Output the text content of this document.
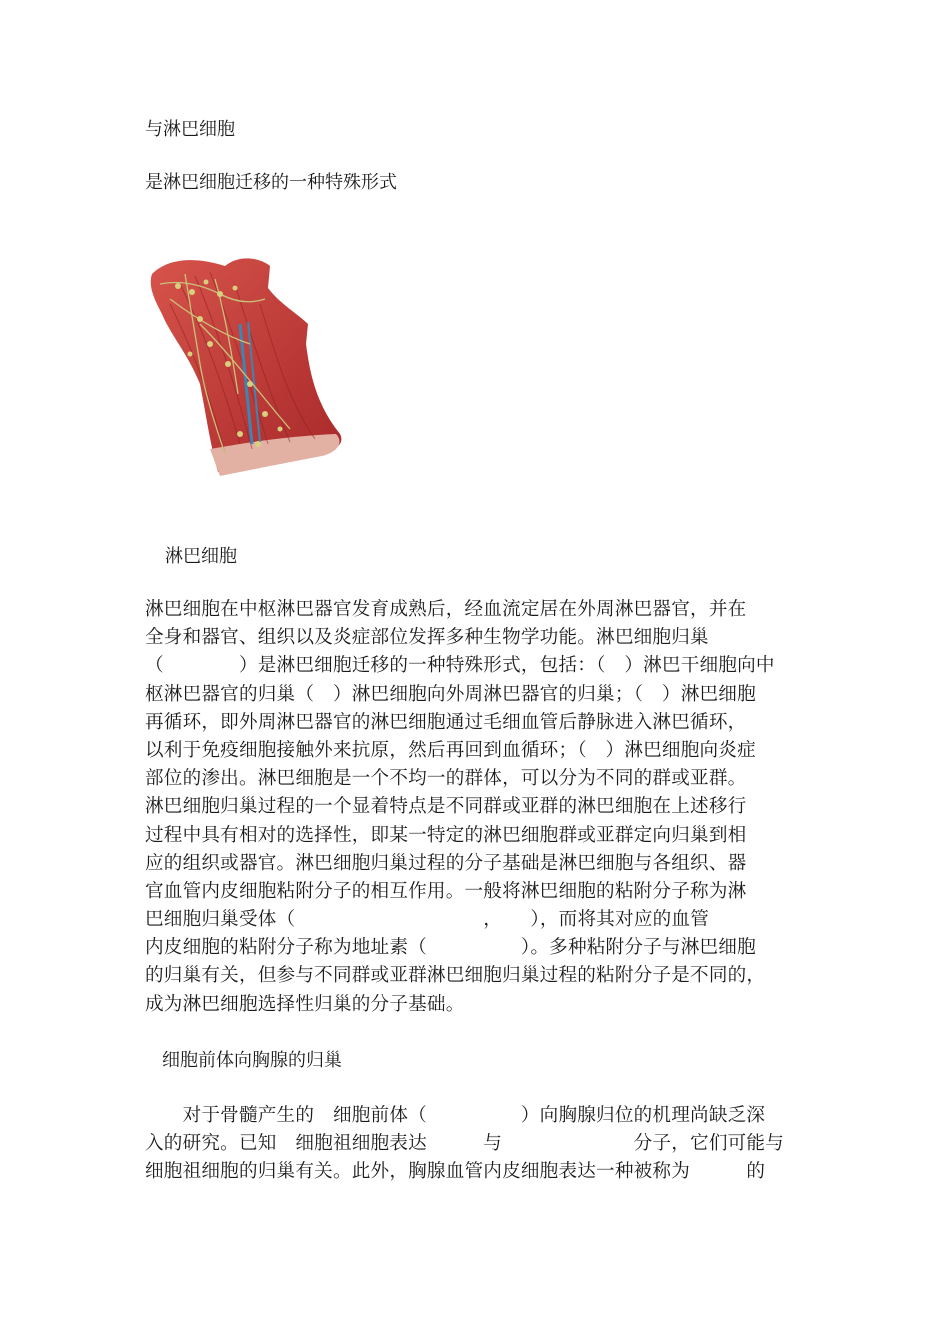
与淋巴细胞
是淋巴细胞迁移的一种特殊形式
淋巴细胞
淋巴细胞在中枢淋巴器官发育成熟后，经血流定居在外周淋巴器官，并在
全身和器官、组织以及炎症部位发挥多种生物学功能。淋巴细胞归巢
（　　　　）是淋巴细胞迁移的一种特殊形式，包括：（　）淋巴干细胞向中
枢淋巴器官的归巢（　）淋巴细胞向外周淋巴器官的归巢；（　）淋巴细胞
再循环，即外周淋巴器官的淋巴细胞通过毛细血管后静脉进入淋巴循环，
以利于免疫细胞接触外来抗原，然后再回到血循环；（　）淋巴细胞向炎症
部位的渗出。淋巴细胞是一个不均一的群体，可以分为不同的群或亚群。
淋巴细胞归巢过程的一个显着特点是不同群或亚群的淋巴细胞在上述移行
过程中具有相对的选择性，即某一特定的淋巴细胞群或亚群定向归巢到相
应的组织或器官。淋巴细胞归巢过程的分子基础是淋巴细胞与各组织、器
官血管内皮细胞粘附分子的相互作用。一般将淋巴细胞的粘附分子称为淋
巴细胞归巢受体（　　　　　　　　　　，　　），而将其对应的血管
内皮细胞的粘附分子称为地址素（　　　　　）。多种粘附分子与淋巴细胞
的归巢有关，但参与不同群或亚群淋巴细胞归巢过程的粘附分子是不同的，
成为淋巴细胞选择性归巢的分子基础。
细胞前体向胸腺的归巢
　　对于骨髓产生的　细胞前体（　　　　　）向胸腺归位的机理尚缺乏深
入的研究。已知　细胞祖细胞表达　　　与　　　　　　　分子，它们可能与
细胞祖细胞的归巢有关。此外，胸腺血管内皮细胞表达一种被称为　　　的
